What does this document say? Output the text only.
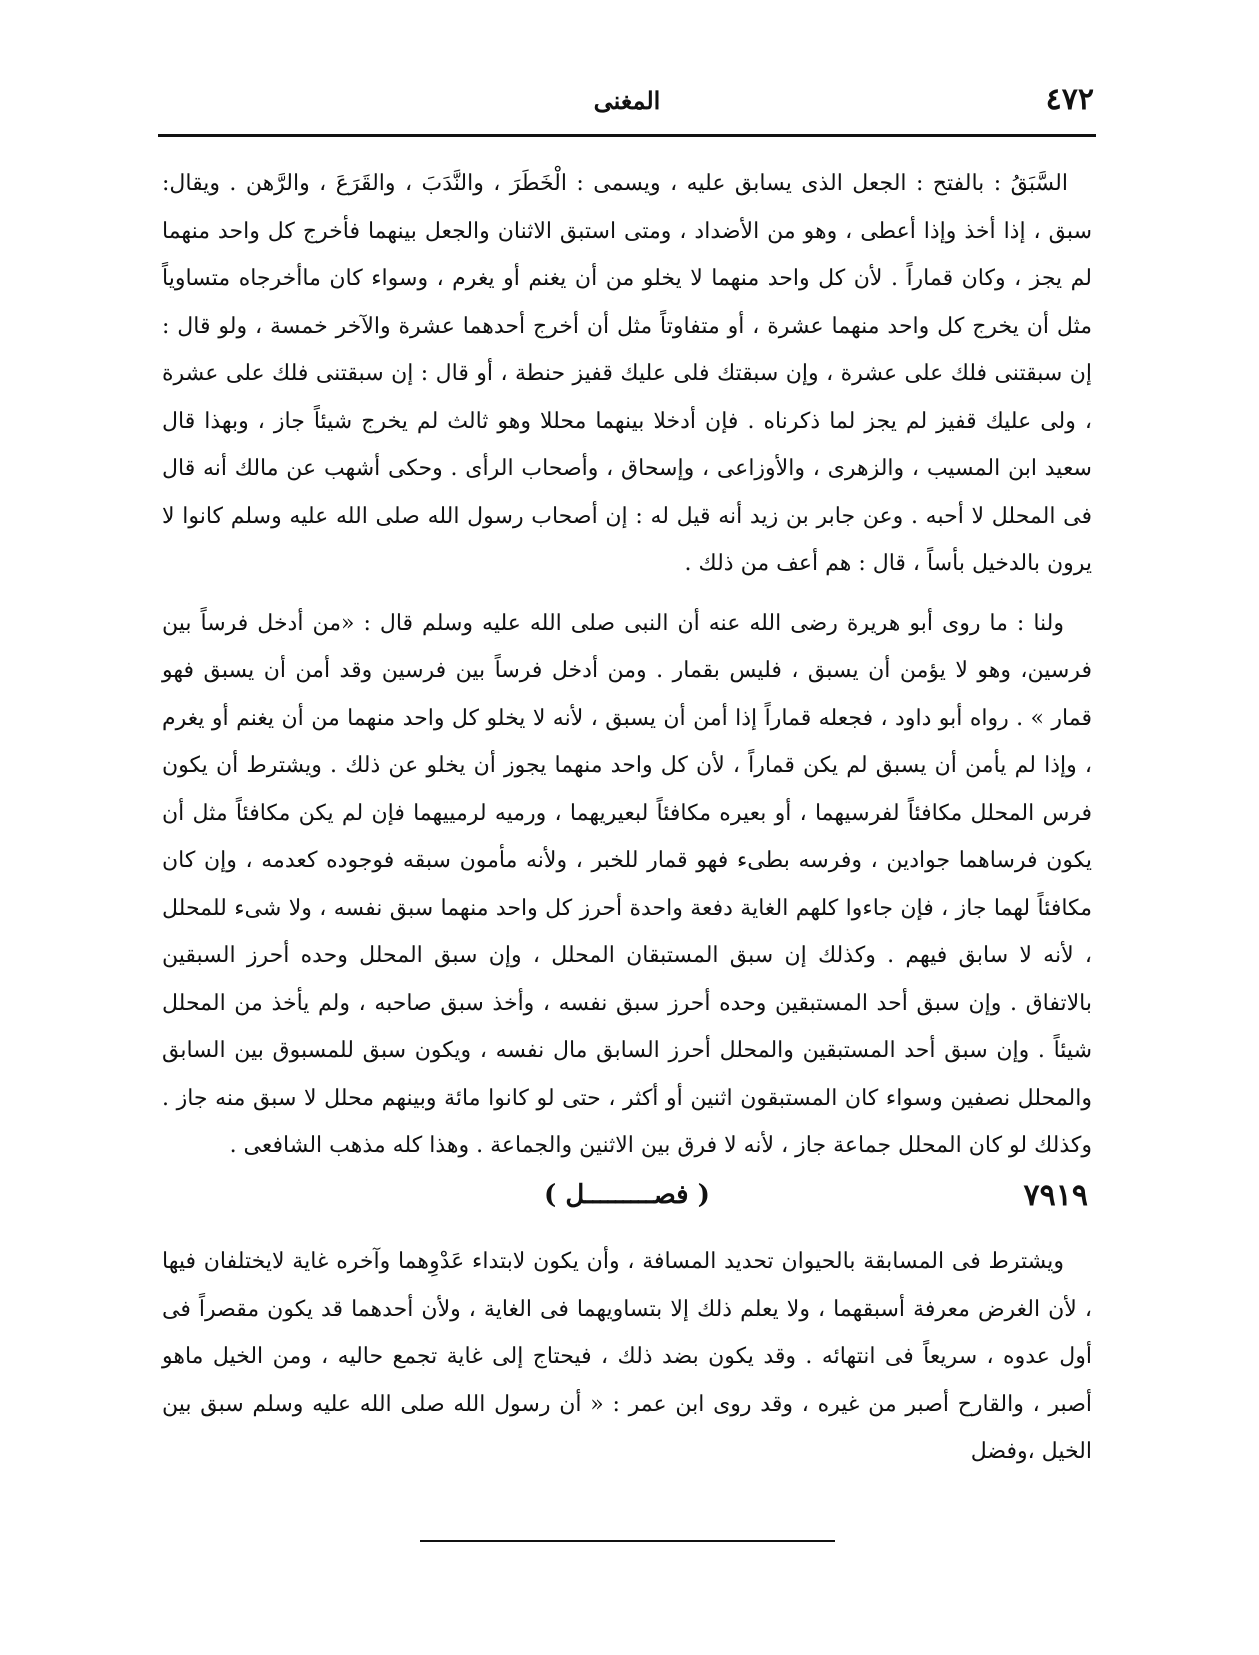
٤٧٢
المغنى

السَّبَقُ : بالفتح : الجعل الذى يسابق عليه ، ويسمى : الْخَطَرَ ، والنَّدَبَ ، والقَرَعَ ، والرَّهن . ويقال: سبق ، إذا أخذ وإذا أعطى ، وهو من الأضداد ، ومتى استبق الاثنان والجعل بينهما فأخرج كل واحد منهما لم يجز ، وكان قماراً . لأن كل واحد منهما لا يخلو من أن يغنم أو يغرم ، وسواء كان ماأخرجاه متساوياً مثل أن يخرج كل واحد منهما عشرة ، أو متفاوتاً مثل أن أخرج أحدهما عشرة والآخر خمسة ، ولو قال : إن سبقتنى فلك على عشرة ، وإن سبقتك فلى عليك قفيز حنطة ، أو قال : إن سبقتنى فلك على عشرة ، ولى عليك قفيز لم يجز لما ذكرناه . فإن أدخلا بينهما محللا وهو ثالث لم يخرج شيئاً جاز ، وبهذا قال سعيد ابن المسيب ، والزهرى ، والأوزاعى ، وإسحاق ، وأصحاب الرأى . وحكى أشهب عن مالك أنه قال فى المحلل لا أحبه . وعن جابر بن زيد أنه قيل له : إن أصحاب رسول الله صلى الله عليه وسلم كانوا لا يرون بالدخيل بأساً ، قال : هم أعف من ذلك .

ولنا : ما روى أبو هريرة رضى الله عنه أن النبى صلى الله عليه وسلم قال : «من أدخل فرساً بين فرسين، وهو لا يؤمن أن يسبق ، فليس بقمار . ومن أدخل فرساً بين فرسين وقد أمن أن يسبق فهو قمار » . رواه أبو داود ، فجعله قماراً إذا أمن أن يسبق ، لأنه لا يخلو كل واحد منهما من أن يغنم أو يغرم ، وإذا لم يأمن أن يسبق لم يكن قماراً ، لأن كل واحد منهما يجوز أن يخلو عن ذلك . ويشترط أن يكون فرس المحلل مكافئاً لفرسيهما ، أو بعيره مكافئاً لبعيريهما ، ورميه لرمييهما فإن لم يكن مكافئاً مثل أن يكون فرساهما جوادين ، وفرسه بطىء فهو قمار للخبر ، ولأنه مأمون سبقه فوجوده كعدمه ، وإن كان مكافئاً لهما جاز ، فإن جاءوا كلهم الغاية دفعة واحدة أحرز كل واحد منهما سبق نفسه ، ولا شىء للمحلل ، لأنه لا سابق فيهم . وكذلك إن سبق المستبقان المحلل ، وإن سبق المحلل وحده أحرز السبقين بالاتفاق . وإن سبق أحد المستبقين وحده أحرز سبق نفسه ، وأخذ سبق صاحبه ، ولم يأخذ من المحلل شيئاً . وإن سبق أحد المستبقين والمحلل أحرز السابق مال نفسه ، ويكون سبق للمسبوق بين السابق والمحلل نصفين وسواء كان المستبقون اثنين أو أكثر ، حتى لو كانوا مائة وبينهم محلل لا سبق منه جاز . وكذلك لو كان المحلل جماعة جاز ، لأنه لا فرق بين الاثنين والجماعة . وهذا كله مذهب الشافعى .

٧٩١٩
( فصـــــــــل )

ويشترط فى المسابقة بالحيوان تحديد المسافة ، وأن يكون لابتداء عَدْوِهما وآخره غاية لايختلفان فيها ، لأن الغرض معرفة أسبقهما ، ولا يعلم ذلك إلا بتساويهما فى الغاية ، ولأن أحدهما قد يكون مقصراً فى أول عدوه ، سريعاً فى انتهائه . وقد يكون بضد ذلك ، فيحتاج إلى غاية تجمع حاليه ، ومن الخيل ماهو أصبر ، والقارح أصبر من غيره ، وقد روى ابن عمر : « أن رسول الله صلى الله عليه وسلم سبق بين الخيل ،وفضل
